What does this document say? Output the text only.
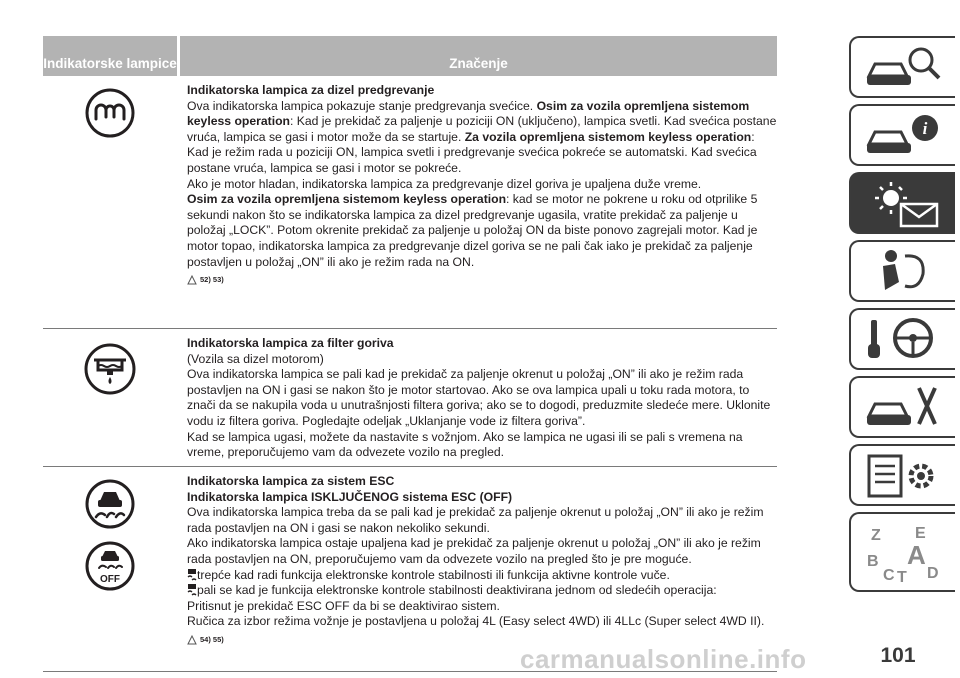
Indikatorske lampice	Značenje

Indikatorska lampica za dizel predgrevanje

Ova indikatorska lampica pokazuje stanje predgrevanja svećice. Osim za vozila opremljena sistemom keyless operation: Kad je prekidač za paljenje u poziciji ON (uključeno), lampica svetli. Kad svećica postane vruća, lampica se gasi i motor može da se startuje. Za vozila opremljena sistemom keyless operation: Kad je režim rada u poziciji ON, lampica svetli i predgrevanje svećica pokreće se automatski. Kad svećica postane vruća, lampica se gasi i motor se pokreće.

Ako je motor hladan, indikatorska lampica za predgrevanje dizel goriva je upaljena duže vreme.

Osim za vozila opremljena sistemom keyless operation: kad se motor ne pokrene u roku od otprilike 5 sekundi nakon što se indikatorska lampica za dizel predgrevanje ugasila, vratite prekidač za paljenje u položaj „LOCK”. Potom okrenite prekidač za paljenje u položaj ON da biste ponovo zagrejali motor. Kad je motor topao, indikatorska lampica za predgrevanje dizel goriva se ne pali čak iako je prekidač za paljenje postavljen u položaj „ON” ili ako je režim rada na ON.

52) 53)

Indikatorska lampica za filter goriva

(Vozila sa dizel motorom)

Ova indikatorska lampica se pali kad je prekidač za paljenje okrenut u položaj „ON” ili ako je režim rada postavljen na ON i gasi se nakon što je motor startovao. Ako se ova lampica upali u toku rada motora, to znači da se nakupila voda u unutrašnjosti filtera goriva; ako se to dogodi, preduzmite sledeće mere. Uklonite vodu iz filtera goriva. Pogledajte odeljak „Uklanjanje vode iz filtera goriva”.

Kad se lampica ugasi, možete da nastavite s vožnjom. Ako se lampica ne ugasi ili se pali s vremena na vreme, preporučujemo vam da odvezete vozilo na pregled.

OFF

Indikatorska lampica za sistem ESC

Indikatorska lampica ISKLJUČENOG sistema ESC (OFF)

Ova indikatorska lampica treba da se pali kad je prekidač za paljenje okrenut u položaj „ON” ili ako je režim rada postavljen na ON i gasi se nakon nekoliko sekundi.

Ako indikatorska lampica ostaje upaljena kad je prekidač za paljenje okrenut u položaj „ON” ili ako je režim rada postavljen na ON, preporučujemo vam da odvezete vozilo na pregled što je pre moguće.

trepće kad radi funkcija elektronske kontrole stabilnosti ili funkcija aktivne kontrole vuče.

pali se kad je funkcija elektronske kontrole stabilnosti deaktivirana jednom od sledećih operacija:

Pritisnut je prekidač ESC OFF da bi se deaktivirao sistem.

Ručica za izbor režima vožnje je postavljena u položaj 4L (Easy select 4WD) ili 4LLc (Super select 4WD II).

54) 55)
i
Z E
B A
C T D
carmanualsonline.info	101
